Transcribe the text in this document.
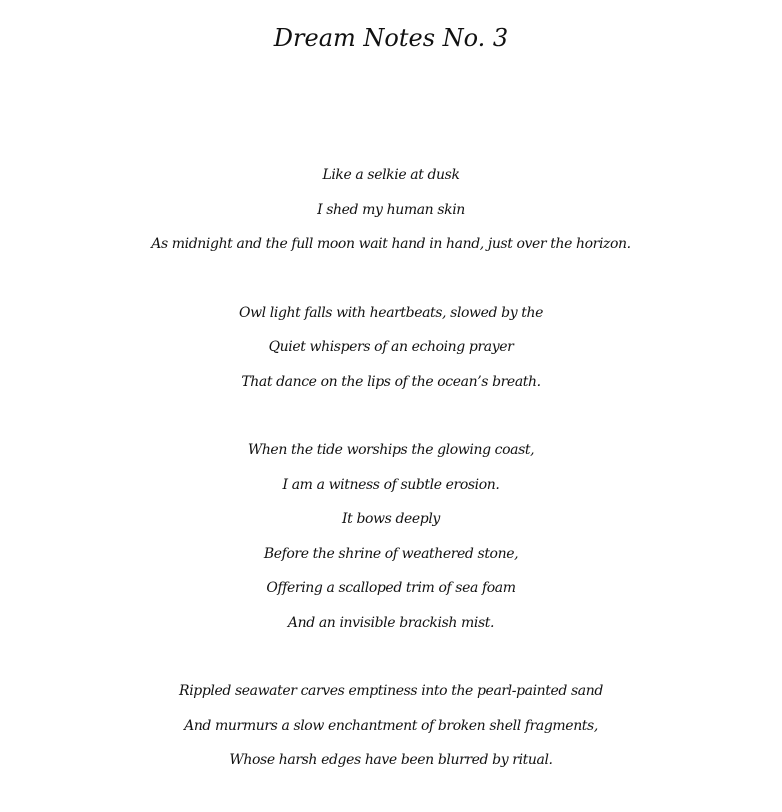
Dream Notes No. 3
Like a selkie at dusk
I shed my human skin
As midnight and the full moon wait hand in hand, just over the horizon.
Owl light falls with heartbeats, slowed by the
Quiet whispers of an echoing prayer
That dance on the lips of the ocean’s breath.
When the tide worships the glowing coast,
I am a witness of subtle erosion.
It bows deeply
Before the shrine of weathered stone,
Offering a scalloped trim of sea foam
And an invisible brackish mist.
Rippled seawater carves emptiness into the pearl-painted sand
And murmurs a slow enchantment of broken shell fragments,
Whose harsh edges have been blurred by ritual.
